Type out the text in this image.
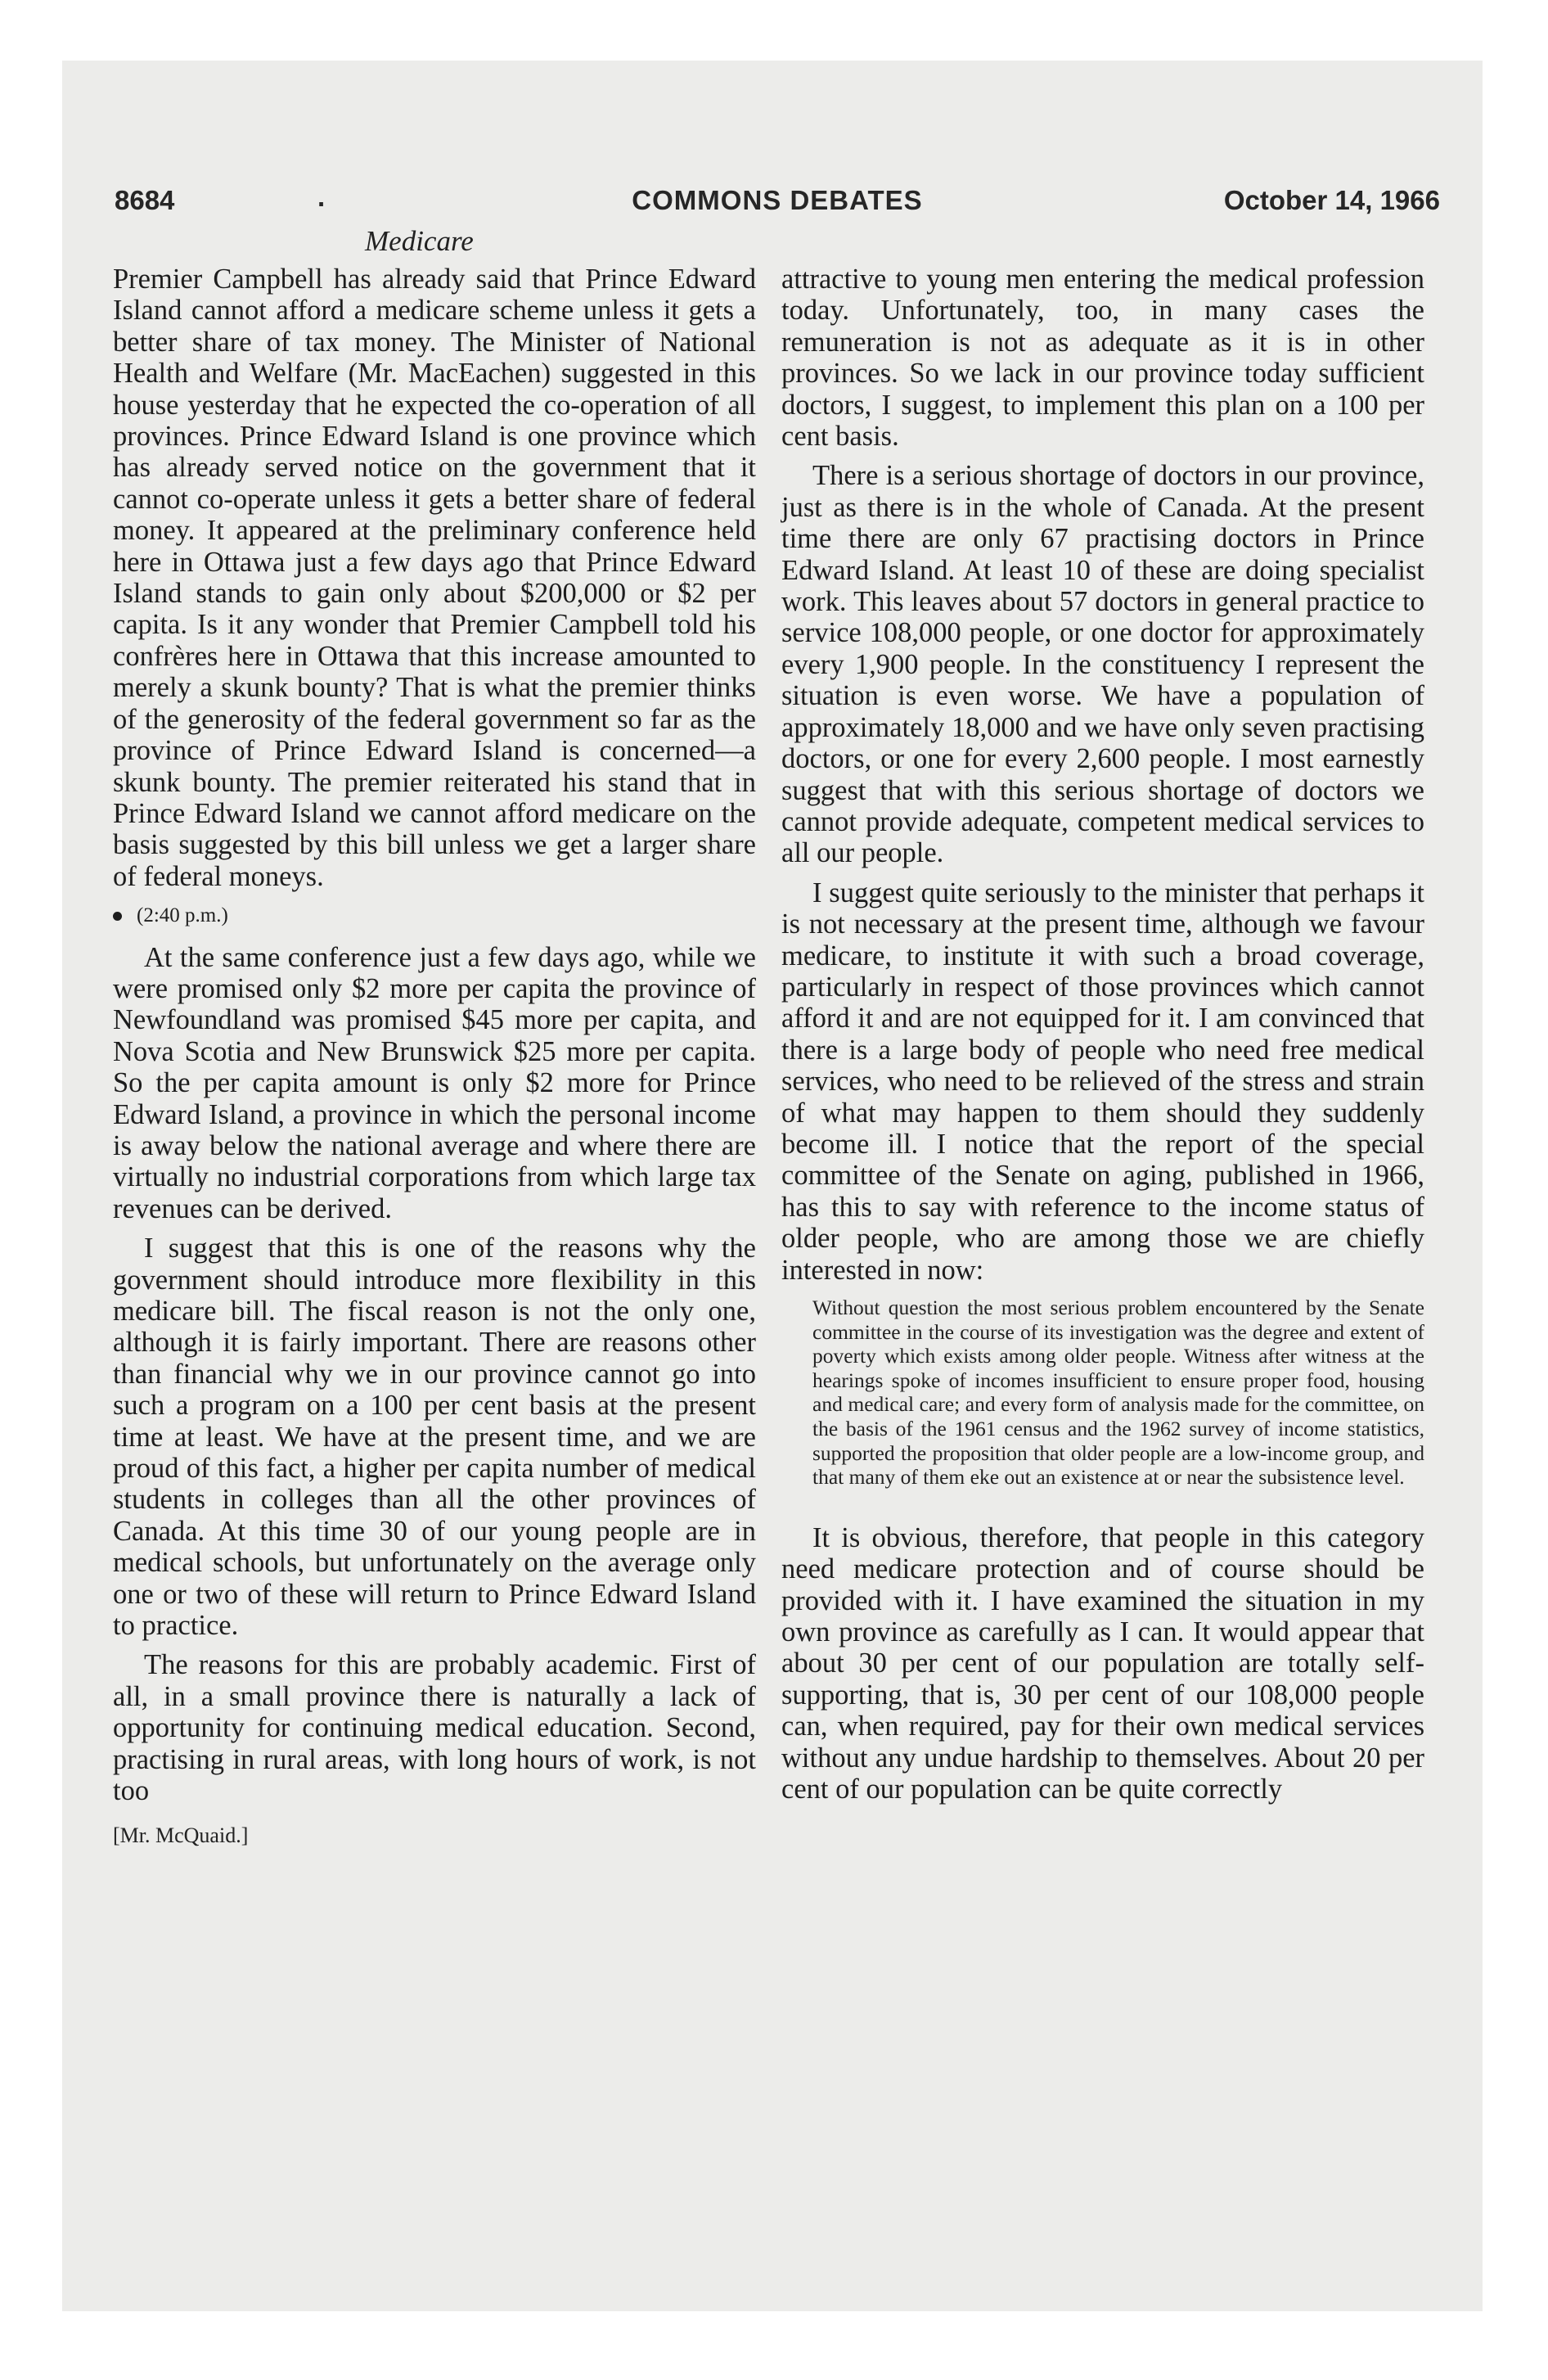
8684	.	COMMONS DEBATES	October 14, 1966
Medicare

Premier Campbell has already said that Prince Edward Island cannot afford a medicare scheme unless it gets a better share of tax money. The Minister of National Health and Welfare (Mr. MacEachen) suggested in this house yesterday that he expected the co-operation of all provinces. Prince Edward Island is one province which has already served notice on the government that it cannot co-operate unless it gets a better share of federal money. It appeared at the preliminary conference held here in Ottawa just a few days ago that Prince Edward Island stands to gain only about $200,000 or $2 per capita. Is it any wonder that Premier Campbell told his confrères here in Ottawa that this increase amounted to merely a skunk bounty? That is what the premier thinks of the generosity of the federal government so far as the province of Prince Edward Island is concerned—a skunk bounty. The premier reiterated his stand that in Prince Edward Island we cannot afford medicare on the basis suggested by this bill unless we get a larger share of federal moneys.

(2:40 p.m.)

At the same conference just a few days ago, while we were promised only $2 more per capita the province of Newfoundland was promised $45 more per capita, and Nova Scotia and New Brunswick $25 more per capita. So the per capita amount is only $2 more for Prince Edward Island, a province in which the personal income is away below the national average and where there are virtually no industrial corporations from which large tax revenues can be derived.

I suggest that this is one of the reasons why the government should introduce more flexibility in this medicare bill. The fiscal reason is not the only one, although it is fairly important. There are reasons other than financial why we in our province cannot go into such a program on a 100 per cent basis at the present time at least. We have at the present time, and we are proud of this fact, a higher per capita number of medical students in colleges than all the other provinces of Canada. At this time 30 of our young people are in medical schools, but unfortunately on the average only one or two of these will return to Prince Edward Island to practice.

The reasons for this are probably academic. First of all, in a small province there is naturally a lack of opportunity for continuing medical education. Second, practising in rural areas, with long hours of work, is not too

[Mr. McQuaid.]

attractive to young men entering the medical profession today. Unfortunately, too, in many cases the remuneration is not as adequate as it is in other provinces. So we lack in our province today sufficient doctors, I suggest, to implement this plan on a 100 per cent basis.

There is a serious shortage of doctors in our province, just as there is in the whole of Canada. At the present time there are only 67 practising doctors in Prince Edward Island. At least 10 of these are doing specialist work. This leaves about 57 doctors in general practice to service 108,000 people, or one doctor for approximately every 1,900 people. In the constituency I represent the situation is even worse. We have a population of approximately 18,000 and we have only seven practising doctors, or one for every 2,600 people. I most earnestly suggest that with this serious shortage of doctors we cannot provide adequate, competent medical services to all our people.

I suggest quite seriously to the minister that perhaps it is not necessary at the present time, although we favour medicare, to institute it with such a broad coverage, particularly in respect of those provinces which cannot afford it and are not equipped for it. I am convinced that there is a large body of people who need free medical services, who need to be relieved of the stress and strain of what may happen to them should they suddenly become ill. I notice that the report of the special committee of the Senate on aging, published in 1966, has this to say with reference to the income status of older people, who are among those we are chiefly interested in now:

Without question the most serious problem encountered by the Senate committee in the course of its investigation was the degree and extent of poverty which exists among older people. Witness after witness at the hearings spoke of incomes insufficient to ensure proper food, housing and medical care; and every form of analysis made for the committee, on the basis of the 1961 census and the 1962 survey of income statistics, supported the proposition that older people are a low-income group, and that many of them eke out an existence at or near the subsistence level.

It is obvious, therefore, that people in this category need medicare protection and of course should be provided with it. I have examined the situation in my own province as carefully as I can. It would appear that about 30 per cent of our population are totally self-supporting, that is, 30 per cent of our 108,000 people can, when required, pay for their own medical services without any undue hardship to themselves. About 20 per cent of our population can be quite correctly
